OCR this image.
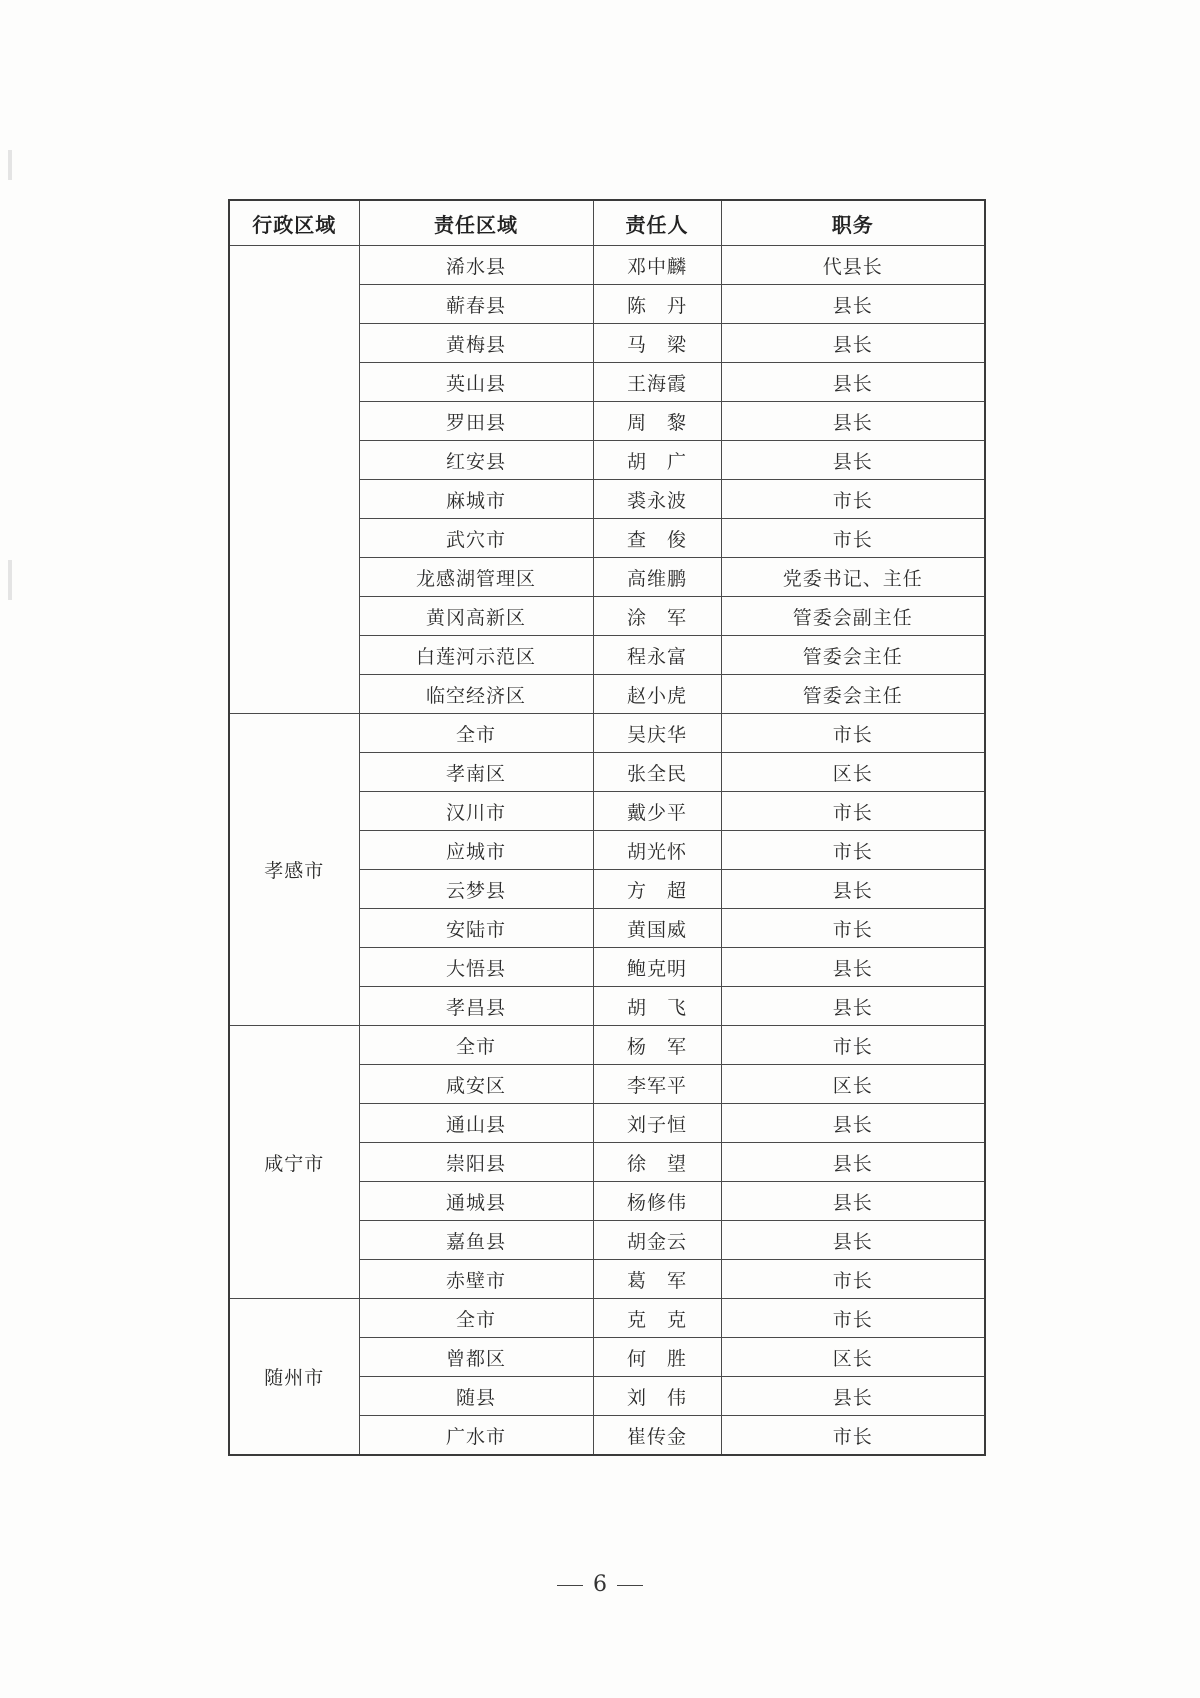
行政区域	责任区域	责任人	职务
	浠水县	邓中麟	代县长
	蕲春县	陈　丹	县长
	黄梅县	马　梁	县长
	英山县	王海霞	县长
	罗田县	周　黎	县长
	红安县	胡　广	县长
	麻城市	裘永波	市长
	武穴市	查　俊	市长
	龙感湖管理区	高维鹏	党委书记、主任
	黄冈高新区	涂　军	管委会副主任
	白莲河示范区	程永富	管委会主任
	临空经济区	赵小虎	管委会主任
孝感市	全市	吴庆华	市长
	孝南区	张全民	区长
	汉川市	戴少平	市长
	应城市	胡光怀	市长
	云梦县	方　超	县长
	安陆市	黄国威	市长
	大悟县	鲍克明	县长
	孝昌县	胡　飞	县长
咸宁市	全市	杨　军	市长
	咸安区	李军平	区长
	通山县	刘子恒	县长
	崇阳县	徐　望	县长
	通城县	杨修伟	县长
	嘉鱼县	胡金云	县长
	赤壁市	葛　军	市长
随州市	全市	克　克	市长
	曾都区	何　胜	区长
	随县	刘　伟	县长
	广水市	崔传金	市长
6
